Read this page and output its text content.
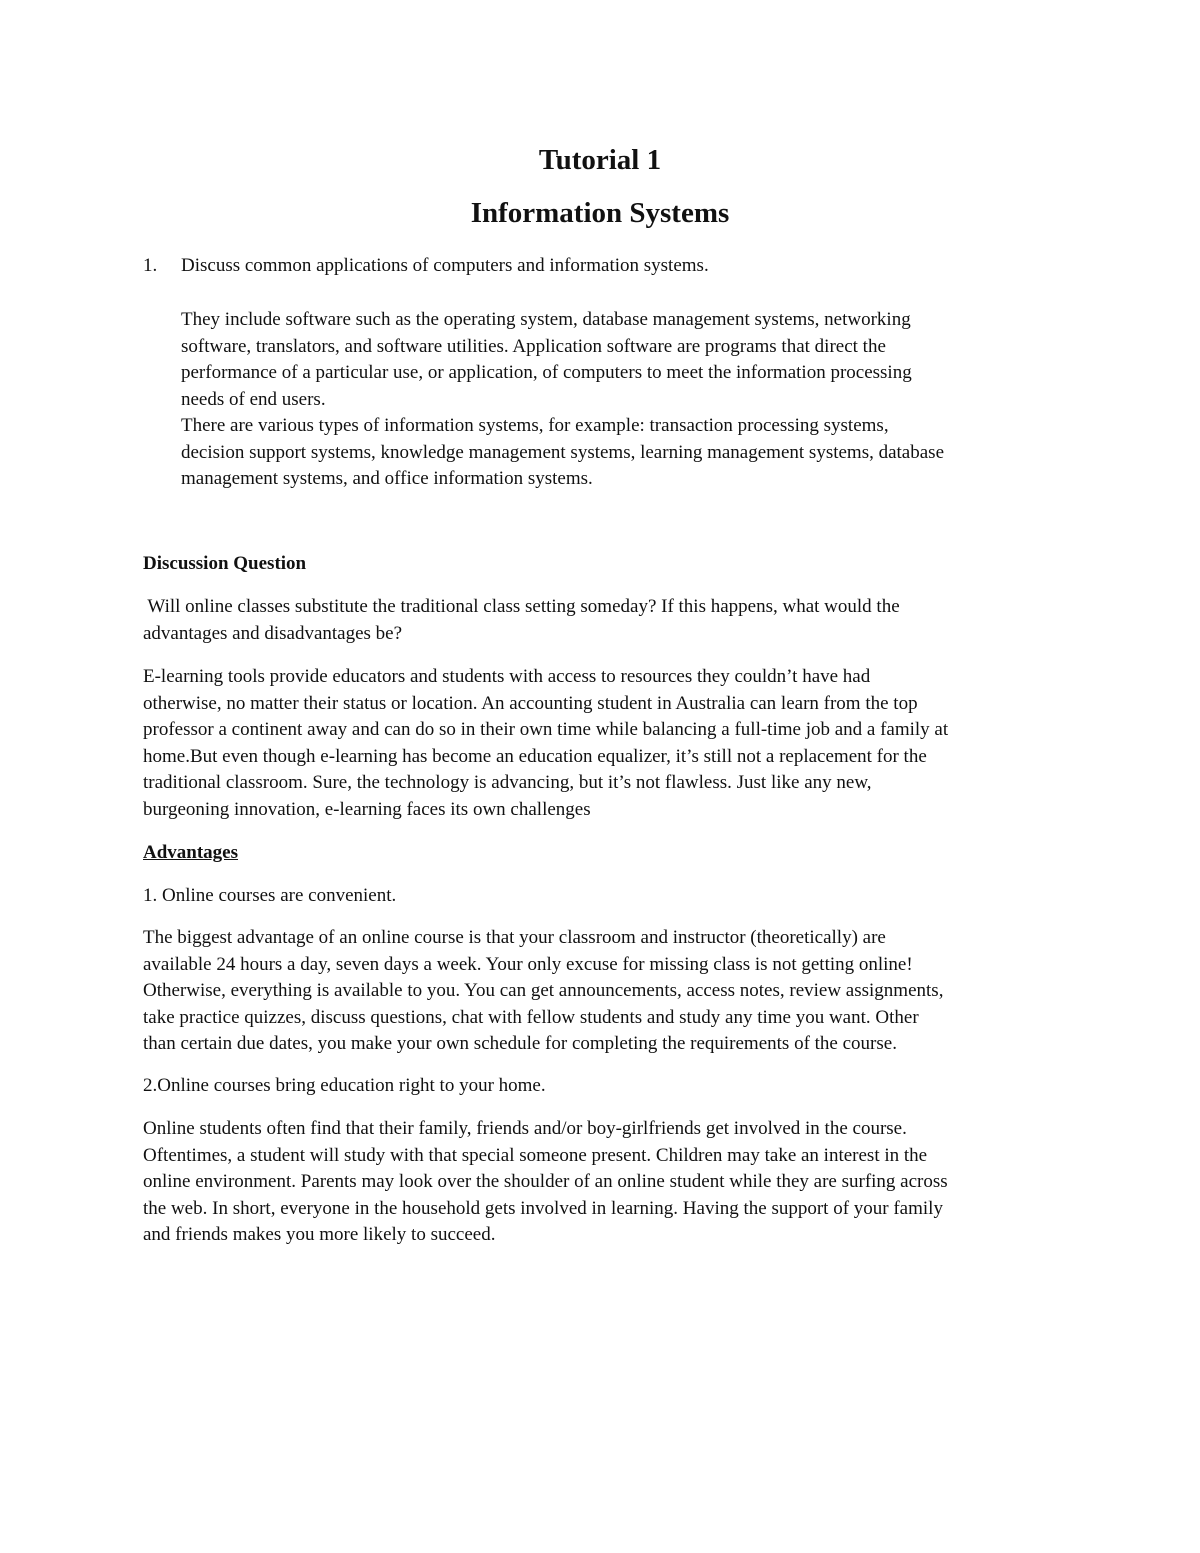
Tutorial 1
Information Systems
1. Discuss common applications of computers and information systems.

They include software such as the operating system, database management systems, networking
software, translators, and software utilities. Application software are programs that direct the
performance of a particular use, or application, of computers to meet the information processing
needs of end users.

There are various types of information systems, for example: transaction processing systems,
decision support systems, knowledge management systems, learning management systems, database
management systems, and office information systems.

Discussion Question

Will online classes substitute the traditional class setting someday? If this happens, what would the
advantages and disadvantages be?

E-learning tools provide educators and students with access to resources they couldn’t have had
otherwise, no matter their status or location. An accounting student in Australia can learn from the top
professor a continent away and can do so in their own time while balancing a full-time job and a family at
home.But even though e-learning has become an education equalizer, it’s still not a replacement for the
traditional classroom. Sure, the technology is advancing, but it’s not flawless. Just like any new,
burgeoning innovation, e-learning faces its own challenges

Advantages

1. Online courses are convenient.

The biggest advantage of an online course is that your classroom and instructor (theoretically) are
available 24 hours a day, seven days a week. Your only excuse for missing class is not getting online!
Otherwise, everything is available to you. You can get announcements, access notes, review assignments,
take practice quizzes, discuss questions, chat with fellow students and study any time you want. Other
than certain due dates, you make your own schedule for completing the requirements of the course.

2.Online courses bring education right to your home.

Online students often find that their family, friends and/or boy-girlfriends get involved in the course.
Oftentimes, a student will study with that special someone present. Children may take an interest in the
online environment. Parents may look over the shoulder of an online student while they are surfing across
the web. In short, everyone in the household gets involved in learning. Having the support of your family
and friends makes you more likely to succeed.
